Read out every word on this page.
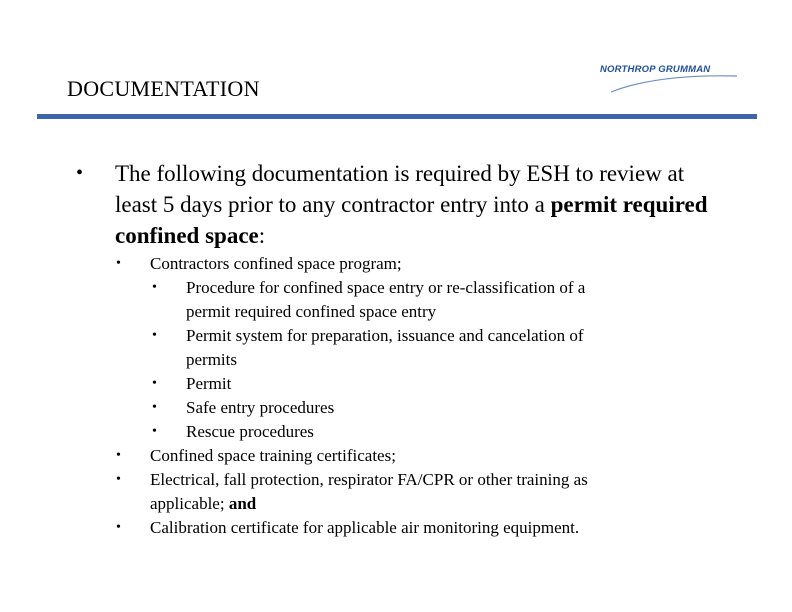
DOCUMENTATION
NORTHROP GRUMMAN
• The following documentation is required by ESH to review at least 5 days prior to any contractor entry into a permit required confined space:
• Contractors confined space program;
• Procedure for confined space entry or re-classification of a
permit required confined space entry
• Permit system for preparation, issuance and cancelation of
permits
• Permit
• Safe entry procedures
• Rescue procedures
• Confined space training certificates;
• Electrical, fall protection, respirator FA/CPR or other training as
applicable; and
• Calibration certificate for applicable air monitoring equipment.
